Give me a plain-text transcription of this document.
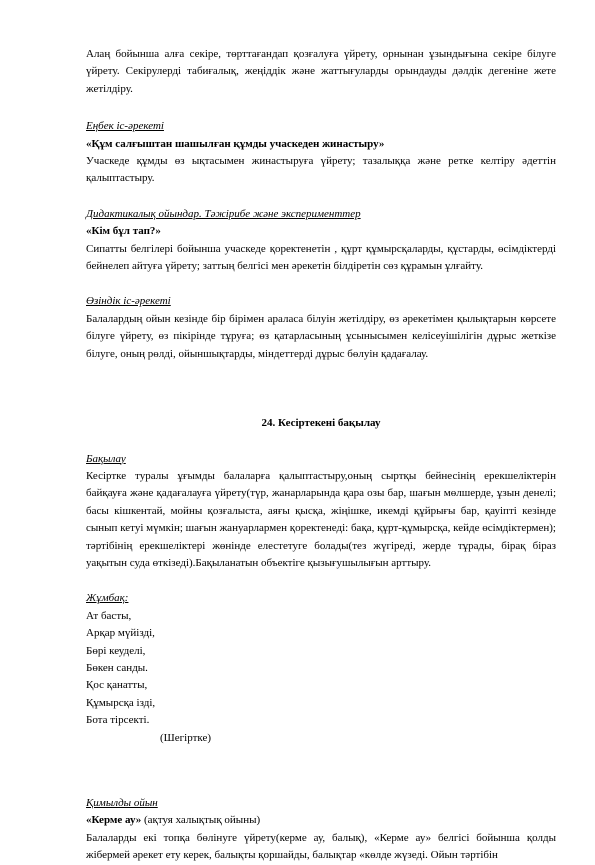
Алаң бойынша алға секіре, төрттағандап қозғалуға үйрету, орнынан ұзындығына секіре білуге үйрету. Секірулерді табиғалық, жеңіддік және жаттығуларды орындауды дәлдік дегеніне жете жетілдіру.

Еңбек іс-әрекеті

«Құм салғыштан шашылған құмды учаскеден жинастыру»

Учаскеде құмды өз ықтасымен жинастыруға үйрету; тазалыққа және ретке келтіру әдеттін қалыптастыру.

Дидактикалық ойындар. Тәжірибе және эксперименттер

«Кім бұл тап?»

Сипатты белгілері бойынша учаскеде қоректенетін , құрт құмырсқаларды, құстарды, өсімдіктерді бейнелеп айтуға үйрету; заттың белгісі мен әрекетін білдіретін сөз құрамын ұлғайту.

Өзіндік іс-әрекеті

Балалардың ойын кезінде бір бірімен араласа білуін жетілдіру, өз әрекетімен қылықтарын көрсете білуге үйрету, өз пікірінде тұруға; өз қатарласының ұсынысымен келісеуішілігін дұрыс жеткізе білуге, оның рөлді, ойыншықтарды, міндеттерді дұрыс бөлуін қадағалау.

24. Кесіртекені бақылау

Бақылау

Кесіртке туралы ұғымды балаларға қалыптастыру,оның сыртқы бейнесінің ерекшеліктерін байқауға және қадағалауға үйрету(түр, жанарларында қара озы бар, шағын мөлшерде, ұзын денелі; басы кішкентай, мойны қозғалыста, аяғы қысқа, жіңішке, икемді құйрығы бар, қауіпті кезінде сынып кетуі мүмкін; шағын жануарлармен қоректенеді: бақа, құрт-құмырсқа, кейде өсімдіктермен); тәртібінің ерекшеліктері жөнінде елестетуге болады(тез жүгіреді, жерде тұрады, бірақ біраз уақытын суда өткізеді).Бақыланатын объектіге қызығушылығын арттыру.

Жұмбақ:

Ат басты,

Арқар мүйізді,

Бөрі кеуделі,

Бөкен санды.

Қос қанатты,

Құмырсқа ізді,

Бота тірсекті.

(Шегіртке)

Қимылды ойын

«Керме ау» (ақтуя халықтық ойыны)

Балаларды екі топқа бөлінуге үйрету(керме ау, балық), «Керме ау» белгісі бойынша қолды жібермей әрекет ету керек, балықты қоршайды, балықтар «көлде жүзеді. Ойын тәртібін
